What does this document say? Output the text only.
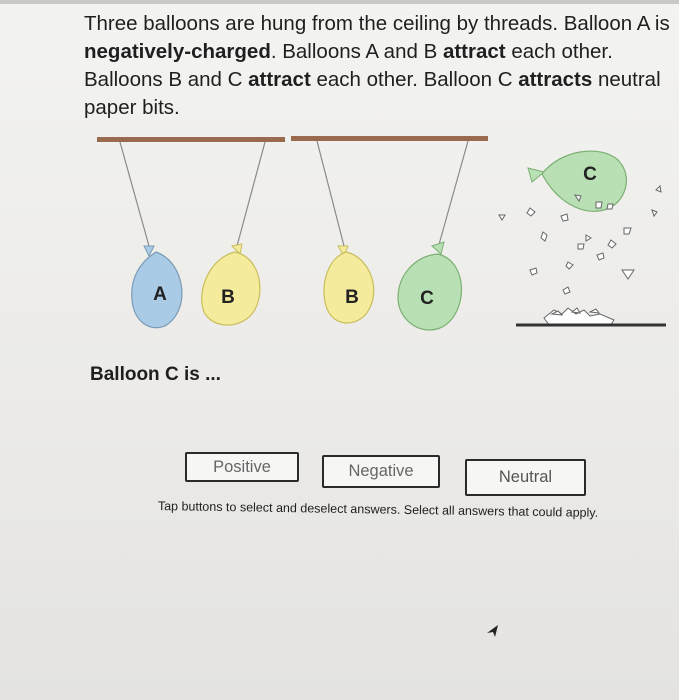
Three balloons are hung from the ceiling by threads. Balloon A is negatively-charged. Balloons A and B attract each other. Balloons B and C attract each other. Balloon C attracts neutral paper bits.
A	B	B	C
C
Balloon C is ...
Positive	Negative	Neutral
Tap buttons to select and deselect answers. Select all answers that could apply.
